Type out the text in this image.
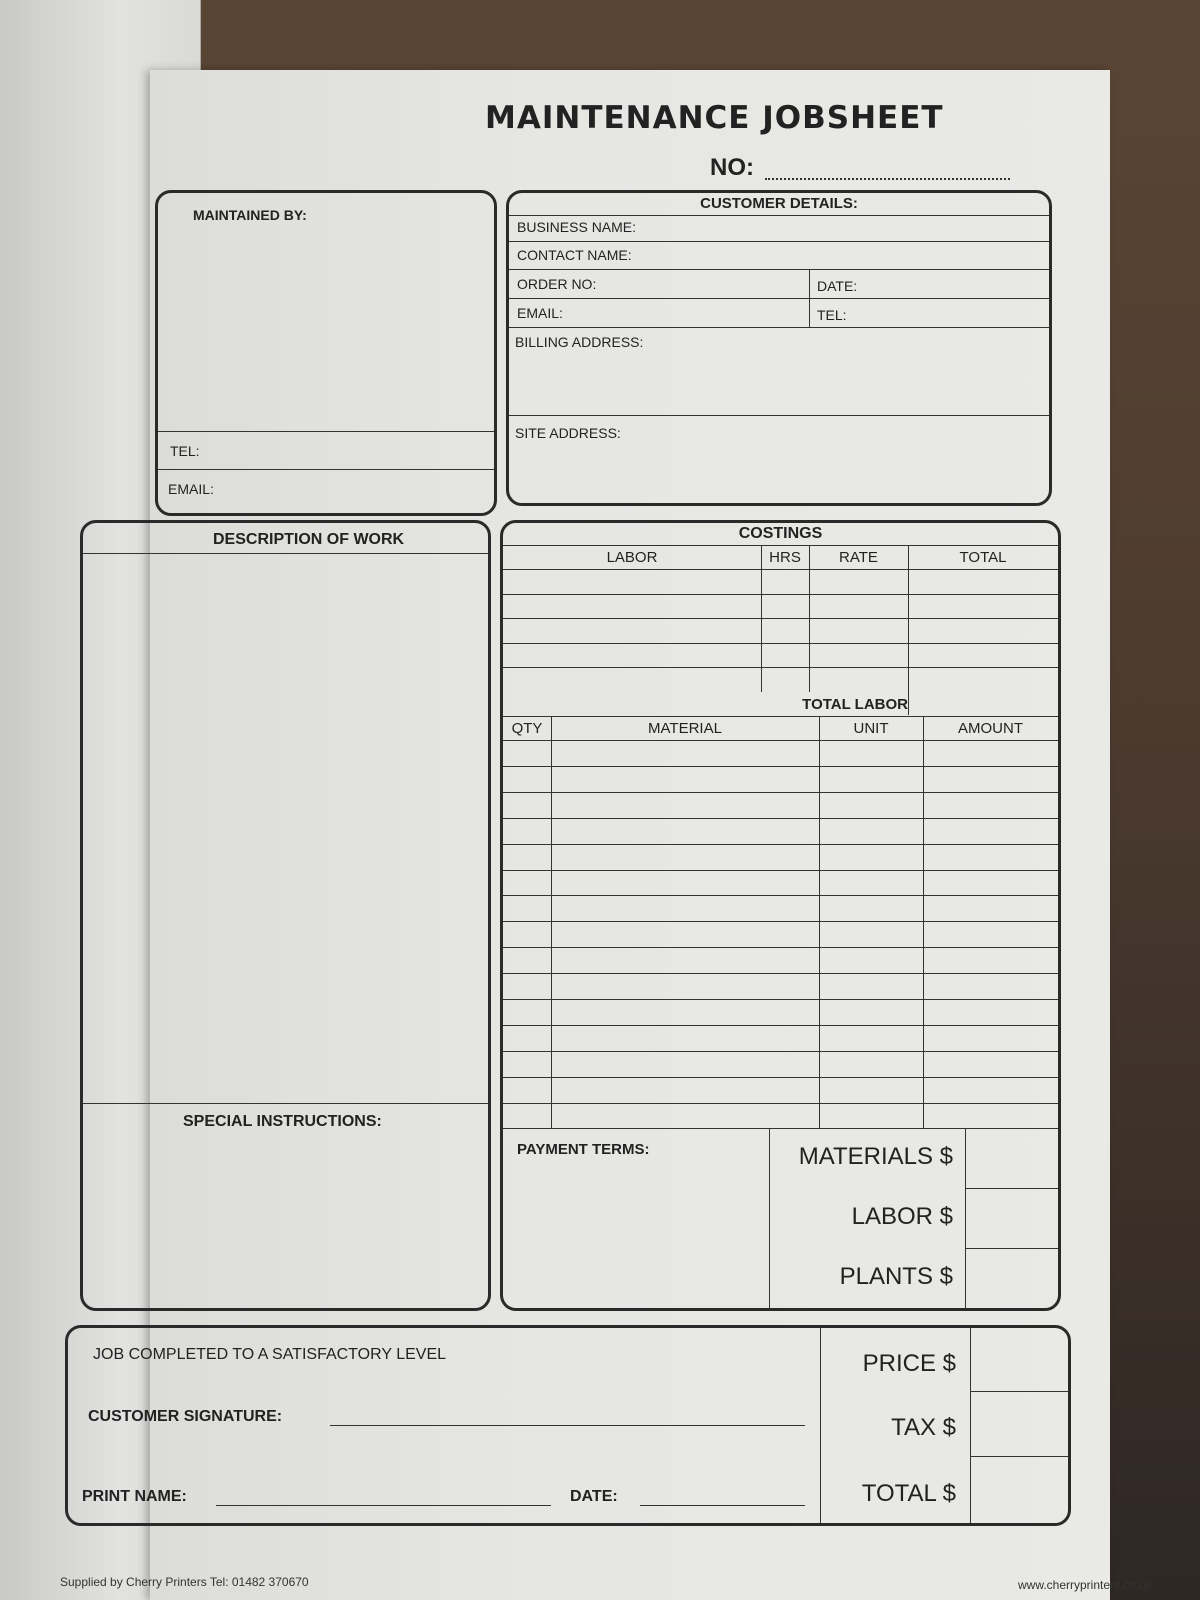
MAINTENANCE JOBSHEET
NO:
MAINTAINED BY:
TEL:
EMAIL:
CUSTOMER DETAILS:
BUSINESS NAME:
CONTACT NAME:
ORDER NO:	DATE:
EMAIL:	TEL:
BILLING ADDRESS:
SITE ADDRESS:
DESCRIPTION OF WORK
SPECIAL INSTRUCTIONS:
COSTINGS
LABOR	HRS	RATE	TOTAL
TOTAL LABOR
QTY	MATERIAL	UNIT	AMOUNT
PAYMENT TERMS:	MATERIALS $
LABOR $
PLANTS $
JOB COMPLETED TO A SATISFACTORY LEVEL
CUSTOMER SIGNATURE:
PRINT NAME:	DATE:
PRICE $
TAX $
TOTAL $
Supplied by Cherry Printers Tel: 01482 370670	www.cherryprinters.co.uk
